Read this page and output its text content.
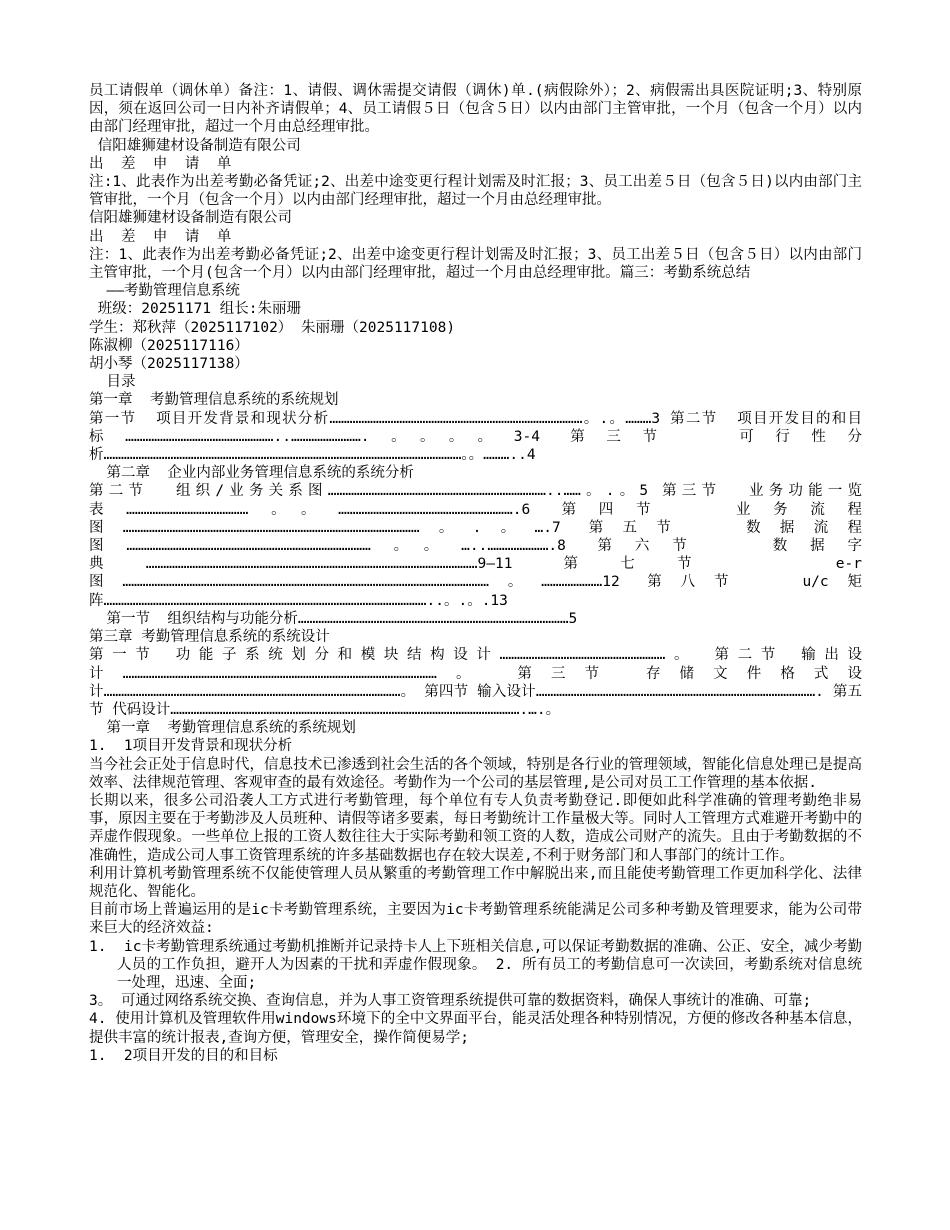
员工请假单（调休单）备注：1、请假、调休需提交请假（调休)单.(病假除外）；2、病假需出具医院证明;3、特别原因，须在返回公司一日内补齐请假单；4、员工请假５日（包含５日）以内由部门主管审批，一个月（包含一个月）以内由部门经理审批，超过一个月由总经理审批。
信阳雄狮建材设备制造有限公司
出  差  申  请  单
注:1、此表作为出差考勤必备凭证;2、出差中途变更行程计划需及时汇报；3、员工出差５日（包含５日)以内由部门主管审批，一个月（包含一个月）以内由部门经理审批，超过一个月由总经理审批。
信阳雄狮建材设备制造有限公司
出  差  申  请  单
注：1、此表作为出差考勤必备凭证;2、出差中途变更行程计划需及时汇报；3、员工出差５日（包含５日）以内由部门主管审批，一个月(包含一个月）以内由部门经理审批，超过一个月由总经理审批。篇三：考勤系统总结
——考勤管理信息系统
班级：20251171 组长:朱丽珊
学生：郑秋萍（2025117102） 朱丽珊（2025117108)
陈淑柳（2025117116）
胡小琴（2025117138）
目录
第一章  考勤管理信息系统的系统规划
第一节  项目开发背景和现状分析……………………………………………………………………………。.。………3 第二节  项目开发目的和目标……………………………………………..…………………….。。。。3-4 第三节  可行性分析……………………………………………………………………………………………………………。。………..4
第二章  企业内部业务管理信息系统的系统分析
第二节  组织/业务关系图…………………………………………………………………..……。.。5 第三节  业务功能一览表……………………………………。。…………………………………………………….6 第四节  业务流程图…………………………………………………………………………………………。.。….7 第五节  数据流程图…………………………………………………………………………。。…..………………….8 第六节  数据字典……………………………………………………………………………………………………9—11 第七节  e-r图………………………………………………………………………………………………………………。…………………12 第八节  u/c矩阵…………………………………………………………………………………………………..。.。.13
第一节  组织结构与功能分析…………………………………………………………………………………5
第三章 考勤管理信息系统的系统设计
第一节 功能子系统划分和模块结构设计…………………………………………………。 第二节 输出设计………………………………………………………………………………………………。 第三节 存储文件格式设计…………………………………………………………………………………………。 第四节 输入设计……………………………………………………………………………………. 第五节 代码设计………………………………………………………………………………………………………….….。
第一章  考勤管理信息系统的系统规划
1.  1项目开发背景和现状分析
当今社会正处于信息时代，信息技术已渗透到社会生活的各个领域，特别是各行业的管理领域，智能化信息处理已是提高效率、法律规范管理、客观审查的最有效途径。考勤作为一个公司的基层管理,是公司对员工工作管理的基本依据.
长期以来，很多公司沿袭人工方式进行考勤管理，每个单位有专人负责考勤登记.即便如此科学准确的管理考勤绝非易事，原因主要在于考勤涉及人员班种、请假等诸多要素，每日考勤统计工作量极大等。同时人工管理方式难避开考勤中的弄虚作假现象。一些单位上报的工资人数往往大于实际考勤和领工资的人数，造成公司财产的流失。且由于考勤数据的不准确性，造成公司人事工资管理系统的许多基础数据也存在较大误差,不利于财务部门和人事部门的统计工作。
利用计算机考勤管理系统不仅能使管理人员从繁重的考勤管理工作中解脱出来,而且能使考勤管理工作更加科学化、法律规范化、智能化。
目前市场上普遍运用的是ic卡考勤管理系统，主要因为ic卡考勤管理系统能满足公司多种考勤及管理要求，能为公司带来巨大的经济效益:
1.  ic卡考勤管理系统通过考勤机推断并记录持卡人上下班相关信息,可以保证考勤数据的准确、公正、安全，减少考勤人员的工作负担，避开人为因素的干扰和弄虚作假现象。 2. 所有员工的考勤信息可一次读回，考勤系统对信息统一处理，迅速、全面;
3。 可通过网络系统交换、查询信息，并为人事工资管理系统提供可靠的数据资料，确保人事统计的准确、可靠;
4. 使用计算机及管理软件用windows环境下的全中文界面平台，能灵活处理各种特别情况，方便的修改各种基本信息，提供丰富的统计报表,查询方便，管理安全，操作简便易学;
1.  2项目开发的目的和目标
